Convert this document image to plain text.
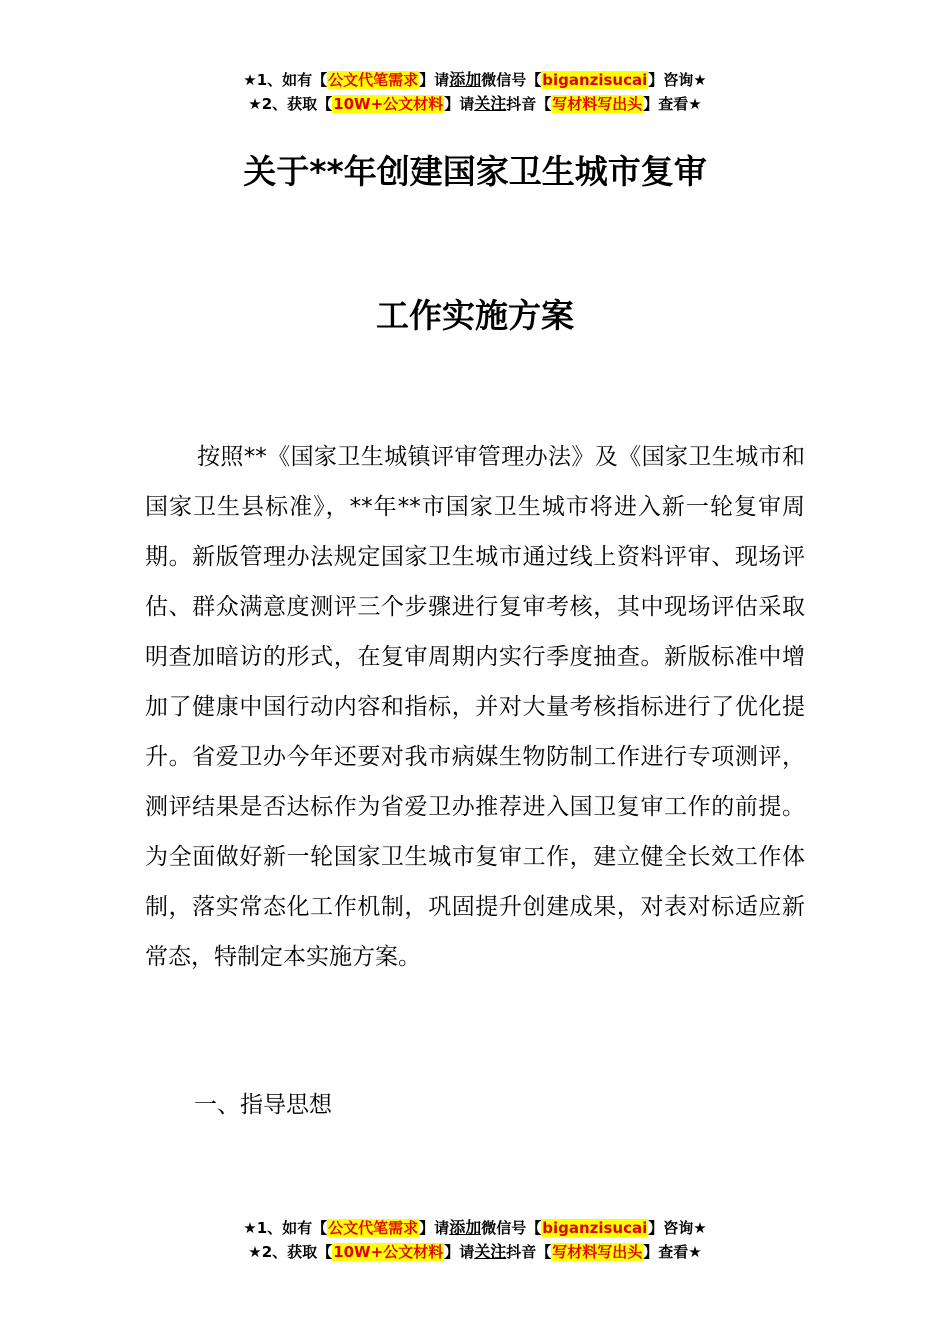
★1、如有【公文代笔需求】请添加微信号【biganzisucai】咨询★
★2、获取【10W+公文材料】请关注抖音【写材料写出头】查看★
关于**年创建国家卫生城市复审
工作实施方案

按照**《国家卫生城镇评审管理办法》及《国家卫生城市和国家卫生县标准》，**年**市国家卫生城市将进入新一轮复审周期。新版管理办法规定国家卫生城市通过线上资料评审、现场评估、群众满意度测评三个步骤进行复审考核，其中现场评估采取明查加暗访的形式，在复审周期内实行季度抽查。新版标准中增加了健康中国行动内容和指标，并对大量考核指标进行了优化提升。省爱卫办今年还要对我市病媒生物防制工作进行专项测评，测评结果是否达标作为省爱卫办推荐进入国卫复审工作的前提。为全面做好新一轮国家卫生城市复审工作，建立健全长效工作体制，落实常态化工作机制，巩固提升创建成果，对表对标适应新常态，特制定本实施方案。

一、指导思想
★1、如有【公文代笔需求】请添加微信号【biganzisucai】咨询★
★2、获取【10W+公文材料】请关注抖音【写材料写出头】查看★
